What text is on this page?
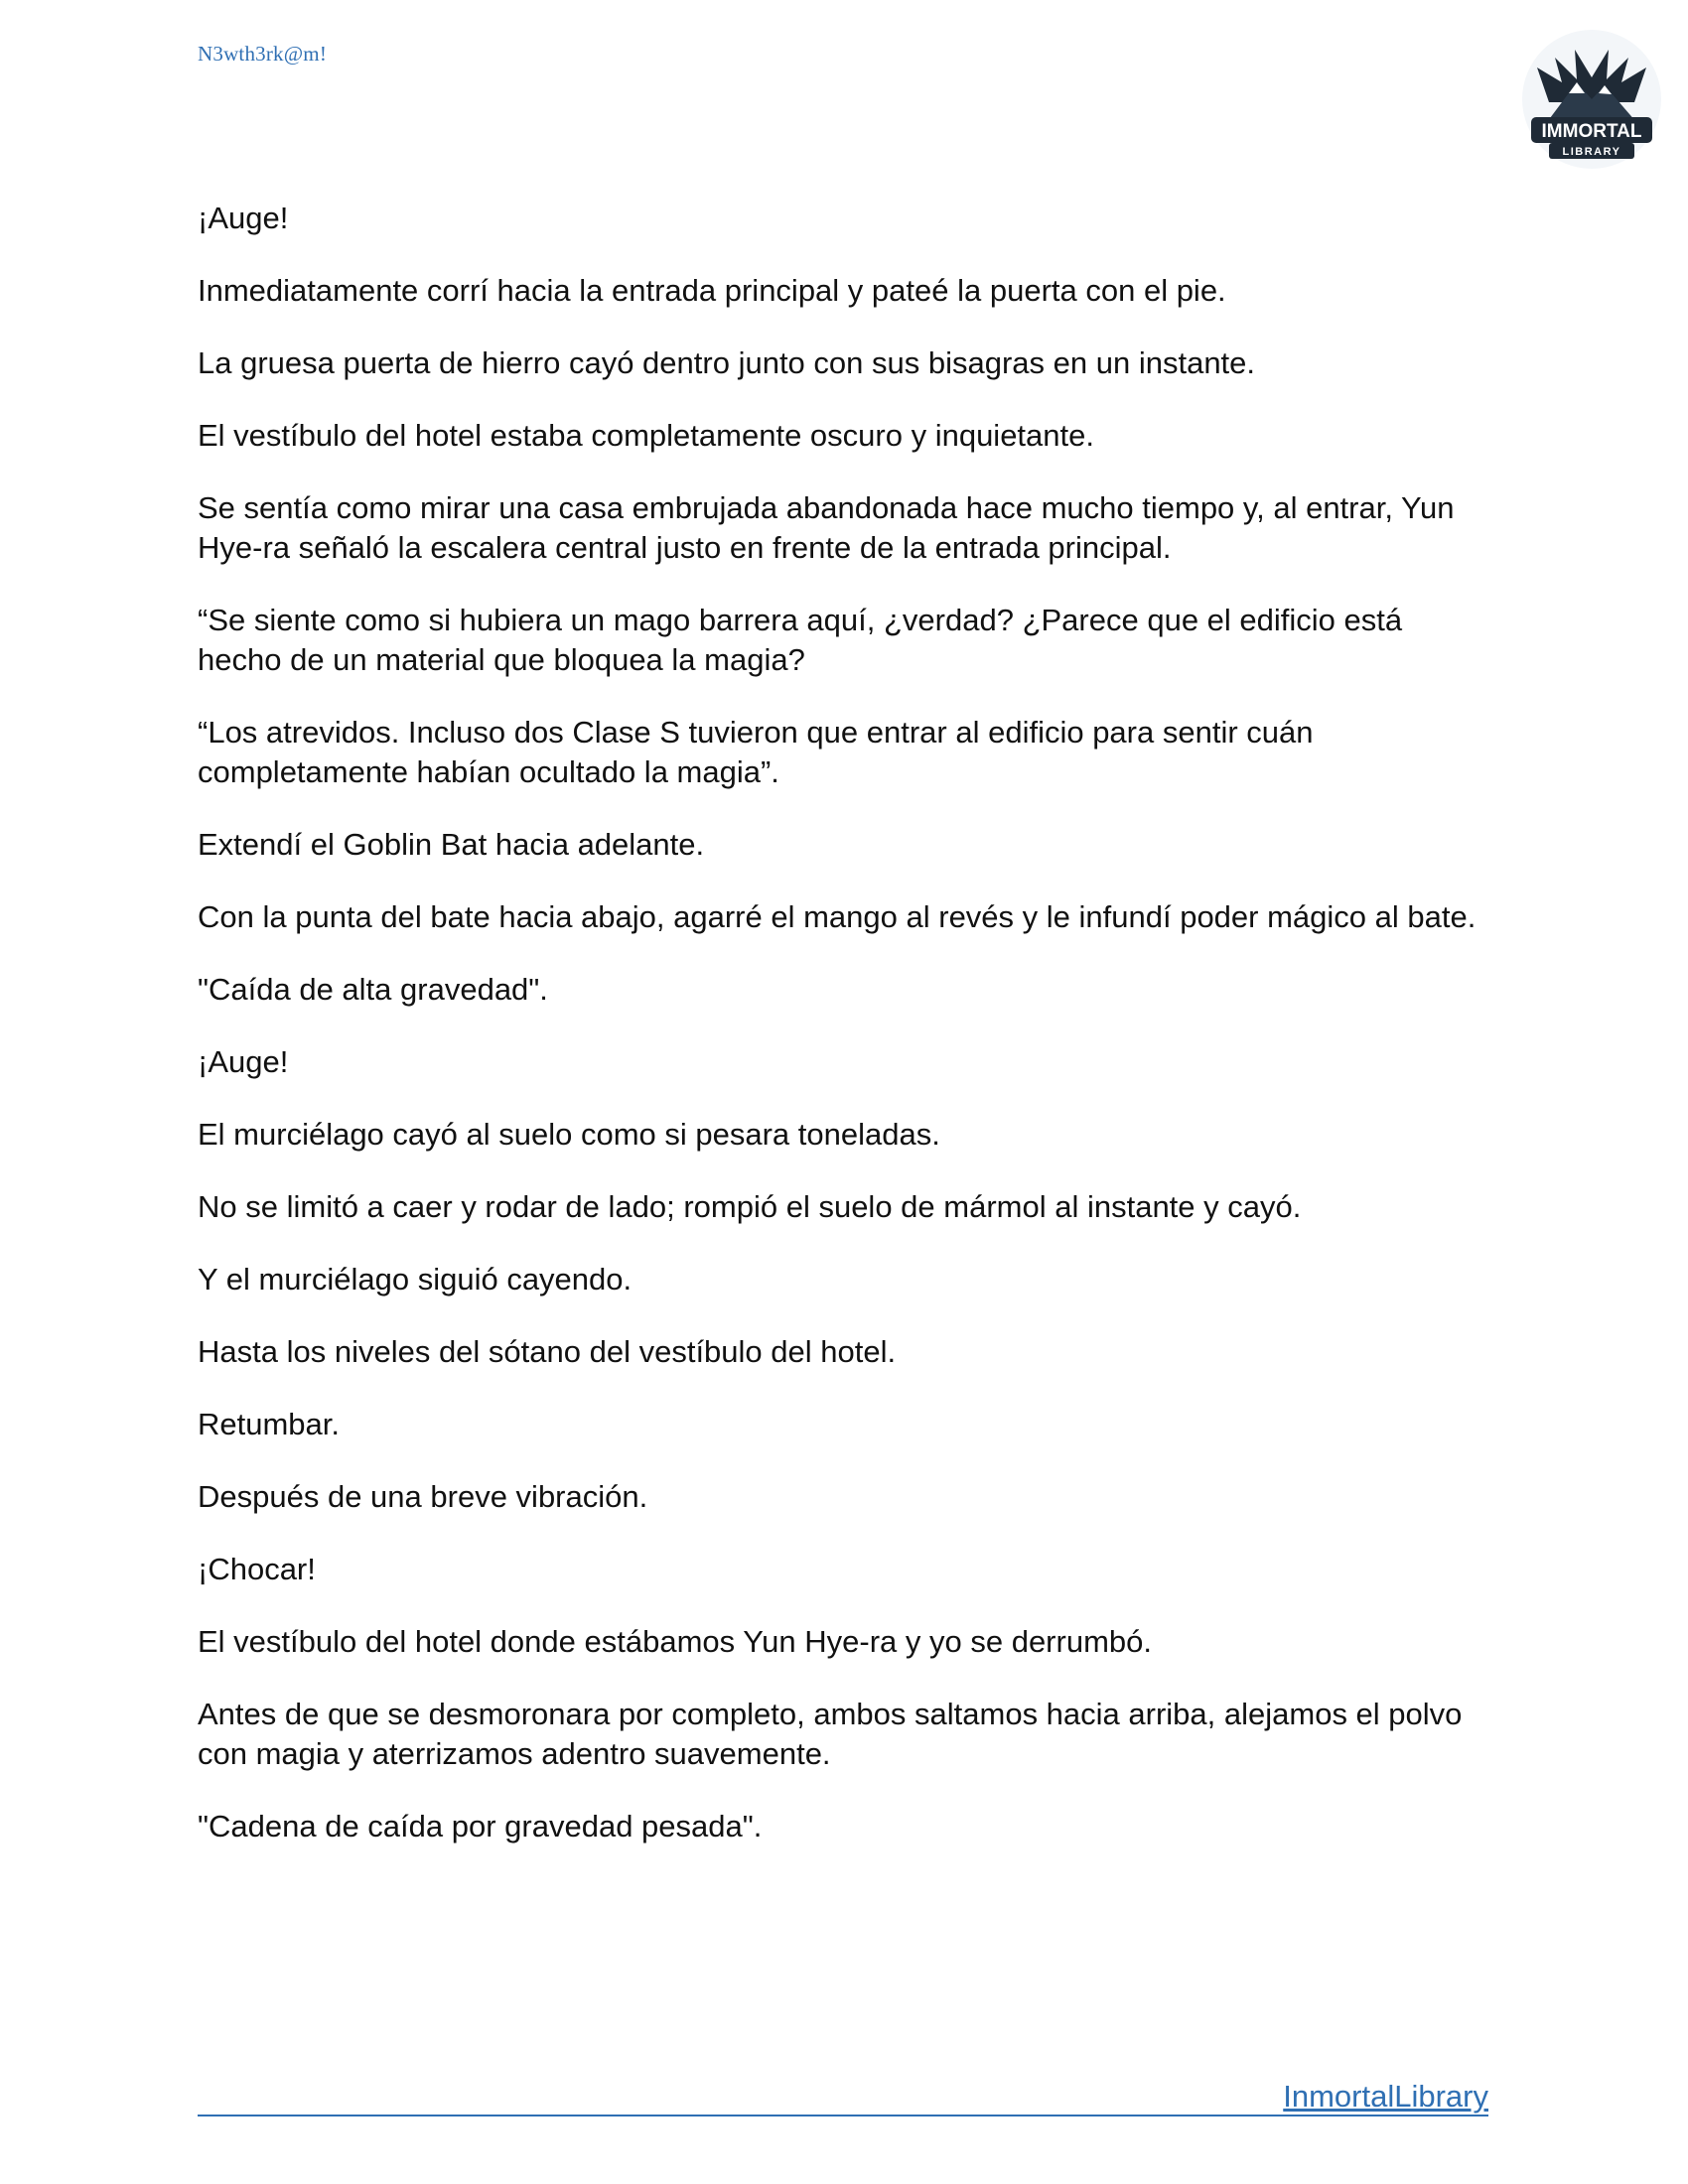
N3wth3rk@m!
IMMORTAL
LIBRARY

¡Auge!

Inmediatamente corrí hacia la entrada principal y pateé la puerta con el pie.

La gruesa puerta de hierro cayó dentro junto con sus bisagras en un instante.

El vestíbulo del hotel estaba completamente oscuro y inquietante.

Se sentía como mirar una casa embrujada abandonada hace mucho tiempo y, al entrar, Yun Hye-ra señaló la escalera central justo en frente de la entrada principal.

“Se siente como si hubiera un mago barrera aquí, ¿verdad? ¿Parece que el edificio está hecho de un material que bloquea la magia?

“Los atrevidos. Incluso dos Clase S tuvieron que entrar al edificio para sentir cuán completamente habían ocultado la magia”.

Extendí el Goblin Bat hacia adelante.

Con la punta del bate hacia abajo, agarré el mango al revés y le infundí poder mágico al bate.

"Caída de alta gravedad".

¡Auge!

El murciélago cayó al suelo como si pesara toneladas.

No se limitó a caer y rodar de lado; rompió el suelo de mármol al instante y cayó.

Y el murciélago siguió cayendo.

Hasta los niveles del sótano del vestíbulo del hotel.

Retumbar.

Después de una breve vibración.

¡Chocar!

El vestíbulo del hotel donde estábamos Yun Hye-ra y yo se derrumbó.

Antes de que se desmoronara por completo, ambos saltamos hacia arriba, alejamos el polvo con magia y aterrizamos adentro suavemente.

"Cadena de caída por gravedad pesada".

InmortalLibrary
